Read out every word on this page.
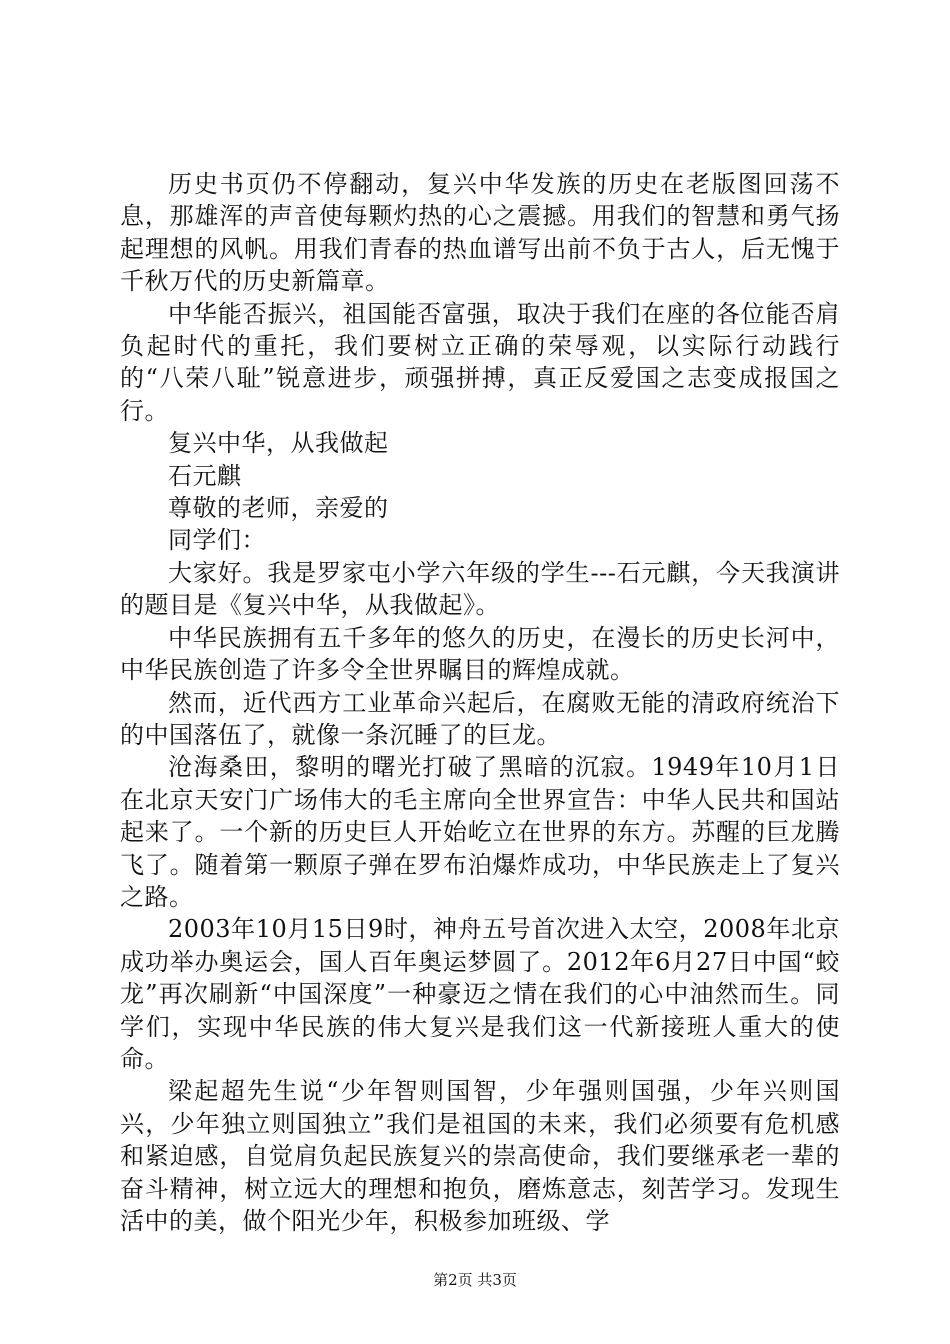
历史书页仍不停翻动，复兴中华发族的历史在老版图回荡不息，那雄浑的声音使每颗灼热的心之震撼。用我们的智慧和勇气扬起理想的风帆。用我们青春的热血谱写出前不负于古人，后无愧于千秋万代的历史新篇章。

中华能否振兴，祖国能否富强，取决于我们在座的各位能否肩负起时代的重托，我们要树立正确的荣辱观，以实际行动践行的“八荣八耻”锐意进步，顽强拼搏，真正反爱国之志变成报国之行。

复兴中华，从我做起

石元麒

尊敬的老师，亲爱的

同学们：

大家好。我是罗家屯小学六年级的学生---石元麒，今天我演讲的题目是《复兴中华，从我做起》。

中华民族拥有五千多年的悠久的历史，在漫长的历史长河中，中华民族创造了许多令全世界瞩目的辉煌成就。

然而，近代西方工业革命兴起后，在腐败无能的清政府统治下的中国落伍了，就像一条沉睡了的巨龙。

沧海桑田，黎明的曙光打破了黑暗的沉寂。1949年10月1日在北京天安门广场伟大的毛主席向全世界宣告：中华人民共和国站起来了。一个新的历史巨人开始屹立在世界的东方。苏醒的巨龙腾飞了。随着第一颗原子弹在罗布泊爆炸成功，中华民族走上了复兴之路。

2003年10月15日9时，神舟五号首次进入太空，2008年北京成功举办奥运会，国人百年奥运梦圆了。2012年6月27日中国“蛟龙”再次刷新“中国深度”一种豪迈之情在我们的心中油然而生。同学们，实现中华民族的伟大复兴是我们这一代新接班人重大的使命。

梁起超先生说“少年智则国智，少年强则国强，少年兴则国兴，少年独立则国独立”我们是祖国的未来，我们必须要有危机感和紧迫感，自觉肩负起民族复兴的崇高使命，我们要继承老一辈的奋斗精神，树立远大的理想和抱负，磨炼意志，刻苦学习。发现生活中的美，做个阳光少年，积极参加班级、学

第2页 共3页
